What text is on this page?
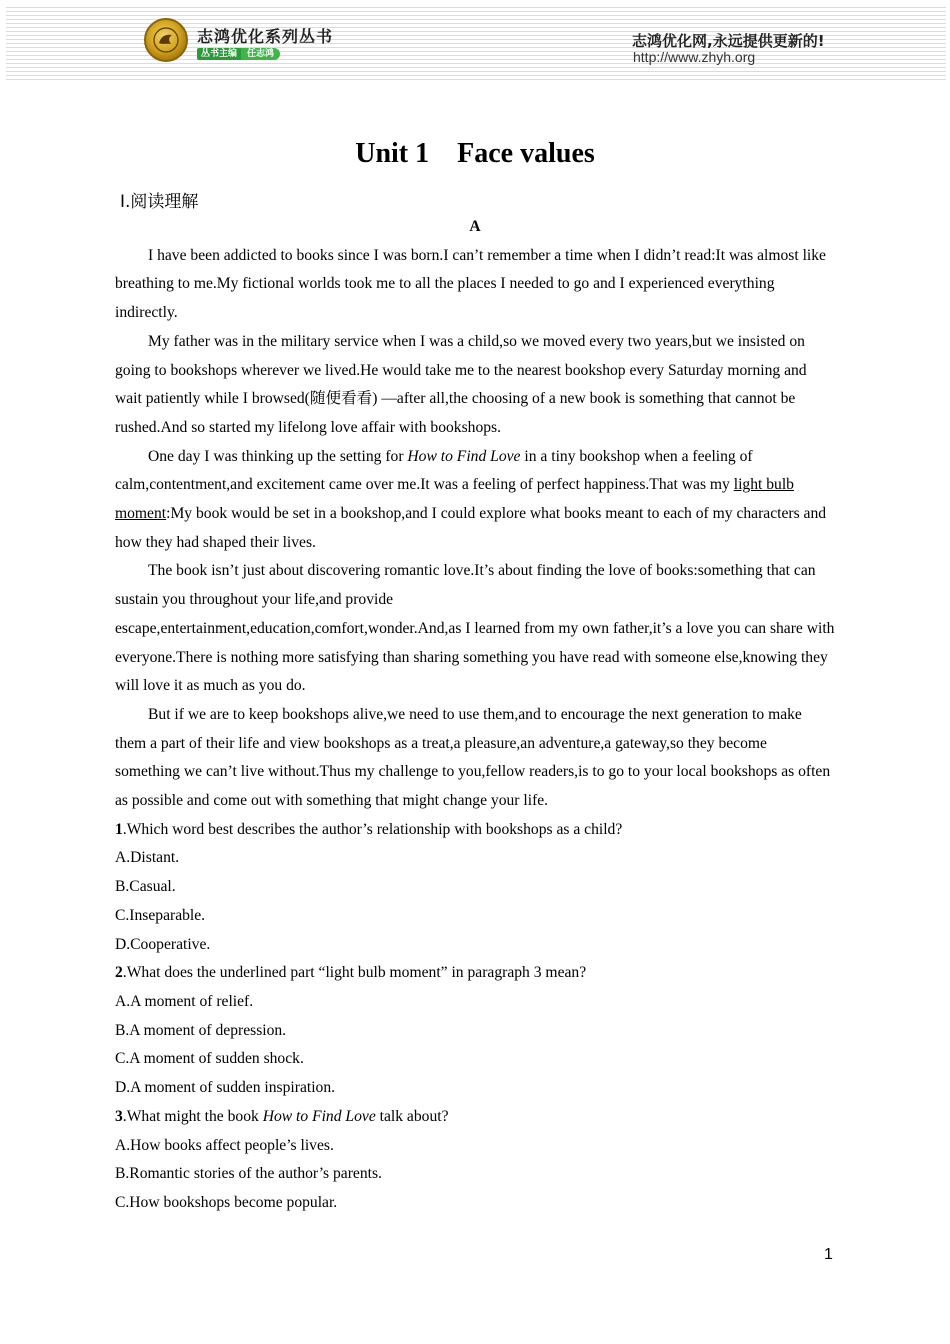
志鸿优化系列丛书
丛书主编 任志鸿
志鸿优化网,永远提供更新的!
http://www.zhyh.org
Unit 1    Face values
Ⅰ.阅读理解

A

I have been addicted to books since I was born.I can’t remember a time when I didn’t read:It was almost like breathing to me.My fictional worlds took me to all the places I needed to go and I experienced everything indirectly.

My father was in the military service when I was a child,so we moved every two years,but we insisted on going to bookshops wherever we lived.He would take me to the nearest bookshop every Saturday morning and wait patiently while I browsed(随便看看) —after all,the choosing of a new book is something that cannot be rushed.And so started my lifelong love affair with bookshops.

One day I was thinking up the setting for How to Find Love in a tiny bookshop when a feeling of calm,contentment,and excitement came over me.It was a feeling of perfect happiness.That was my light bulb moment:My book would be set in a bookshop,and I could explore what books meant to each of my characters and how they had shaped their lives.

The book isn’t just about discovering romantic love.It’s about finding the love of books:something that can sustain you throughout your life,and provide

escape,entertainment,education,comfort,wonder.And,as I learned from my own father,it’s a love you can share with everyone.There is nothing more satisfying than sharing something you have read with someone else,knowing they will love it as much as you do.

But if we are to keep bookshops alive,we need to use them,and to encourage the next generation to make them a part of their life and view bookshops as a treat,a pleasure,an adventure,a gateway,so they become something we can’t live without.Thus my challenge to you,fellow readers,is to go to your local bookshops as often as possible and come out with something that might change your life.

1.Which word best describes the author’s relationship with bookshops as a child?

A.Distant.

B.Casual.

C.Inseparable.

D.Cooperative.

2.What does the underlined part “light bulb moment” in paragraph 3 mean?

A.A moment of relief.

B.A moment of depression.

C.A moment of sudden shock.

D.A moment of sudden inspiration.

3.What might the book How to Find Love talk about?

A.How books affect people’s lives.

B.Romantic stories of the author’s parents.

C.How bookshops become popular.

1
